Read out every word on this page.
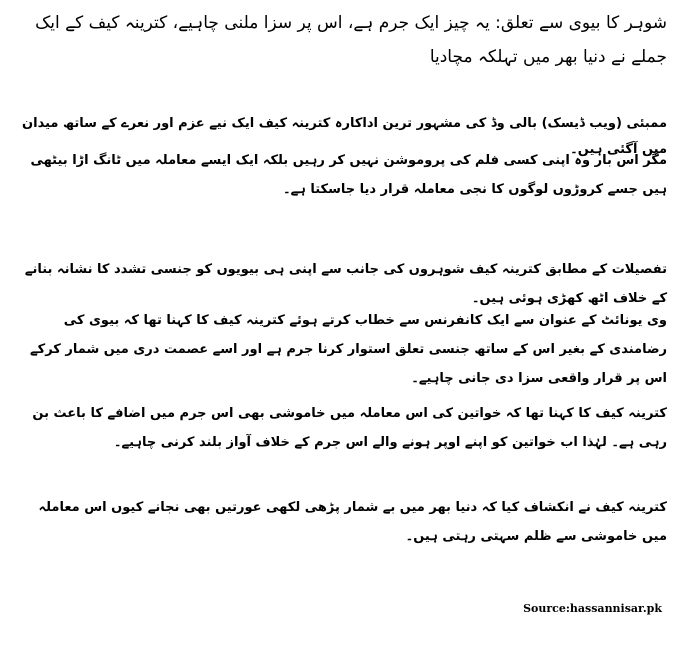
شوہر کا بیوی سے تعلق: یہ چیز ایک جرم ہے، اس پر سزا ملنی چاہیے، کترینہ کیف کے ایک جملے نے دنیا بھر میں تہلکہ مچادیا

ممبئی (ویب ڈیسک) بالی وڈ کی مشہور ترین اداکارہ کترینہ کیف ایک نیے عزم اور نعرے کے ساتھ میدان میں آگئی ہیں۔

مگر اس بار وہ اپنی کسی فلم کی پروموشن نہیں کر رہیں بلکہ ایک ایسے معاملہ میں ٹانگ اڑا بیٹھی ہیں جسے کروڑوں لوگوں کا نجی معاملہ قرار دیا جاسکتا ہے۔

تفصیلات کے مطابق کترینہ کیف شوہروں کی جانب سے اپنی ہی بیویوں کو جنسی تشدد کا نشانہ بنانے کے خلاف اٹھ کھڑی ہوئی ہیں۔

وی یونائٹ کے عنوان سے ایک کانفرنس سے خطاب کرتے ہوئے کترینہ کیف کا کہنا تھا کہ بیوی کی رضامندی کے بغیر اس کے ساتھ جنسی تعلق استوار کرنا جرم ہے اور اسے عصمت دری میں شمار کرکے اس پر قرار واقعی سزا دی جانی چاہیے۔

کترینہ کیف کا کہنا تھا کہ خواتین کی اس معاملہ میں خاموشی بھی اس جرم میں اضافے کا باعث بن رہی ہے۔ لہٰذا اب خواتین کو اپنے اوپر ہونے والے اس جرم کے خلاف آواز بلند کرنی چاہیے۔

کترینہ کیف نے انکشاف کیا کہ دنیا بھر میں بے شمار پڑھی لکھی عورتیں بھی نجانے کیوں اس معاملہ میں خاموشی سے ظلم سہتی رہتی ہیں۔

Source:hassannisar.pk
